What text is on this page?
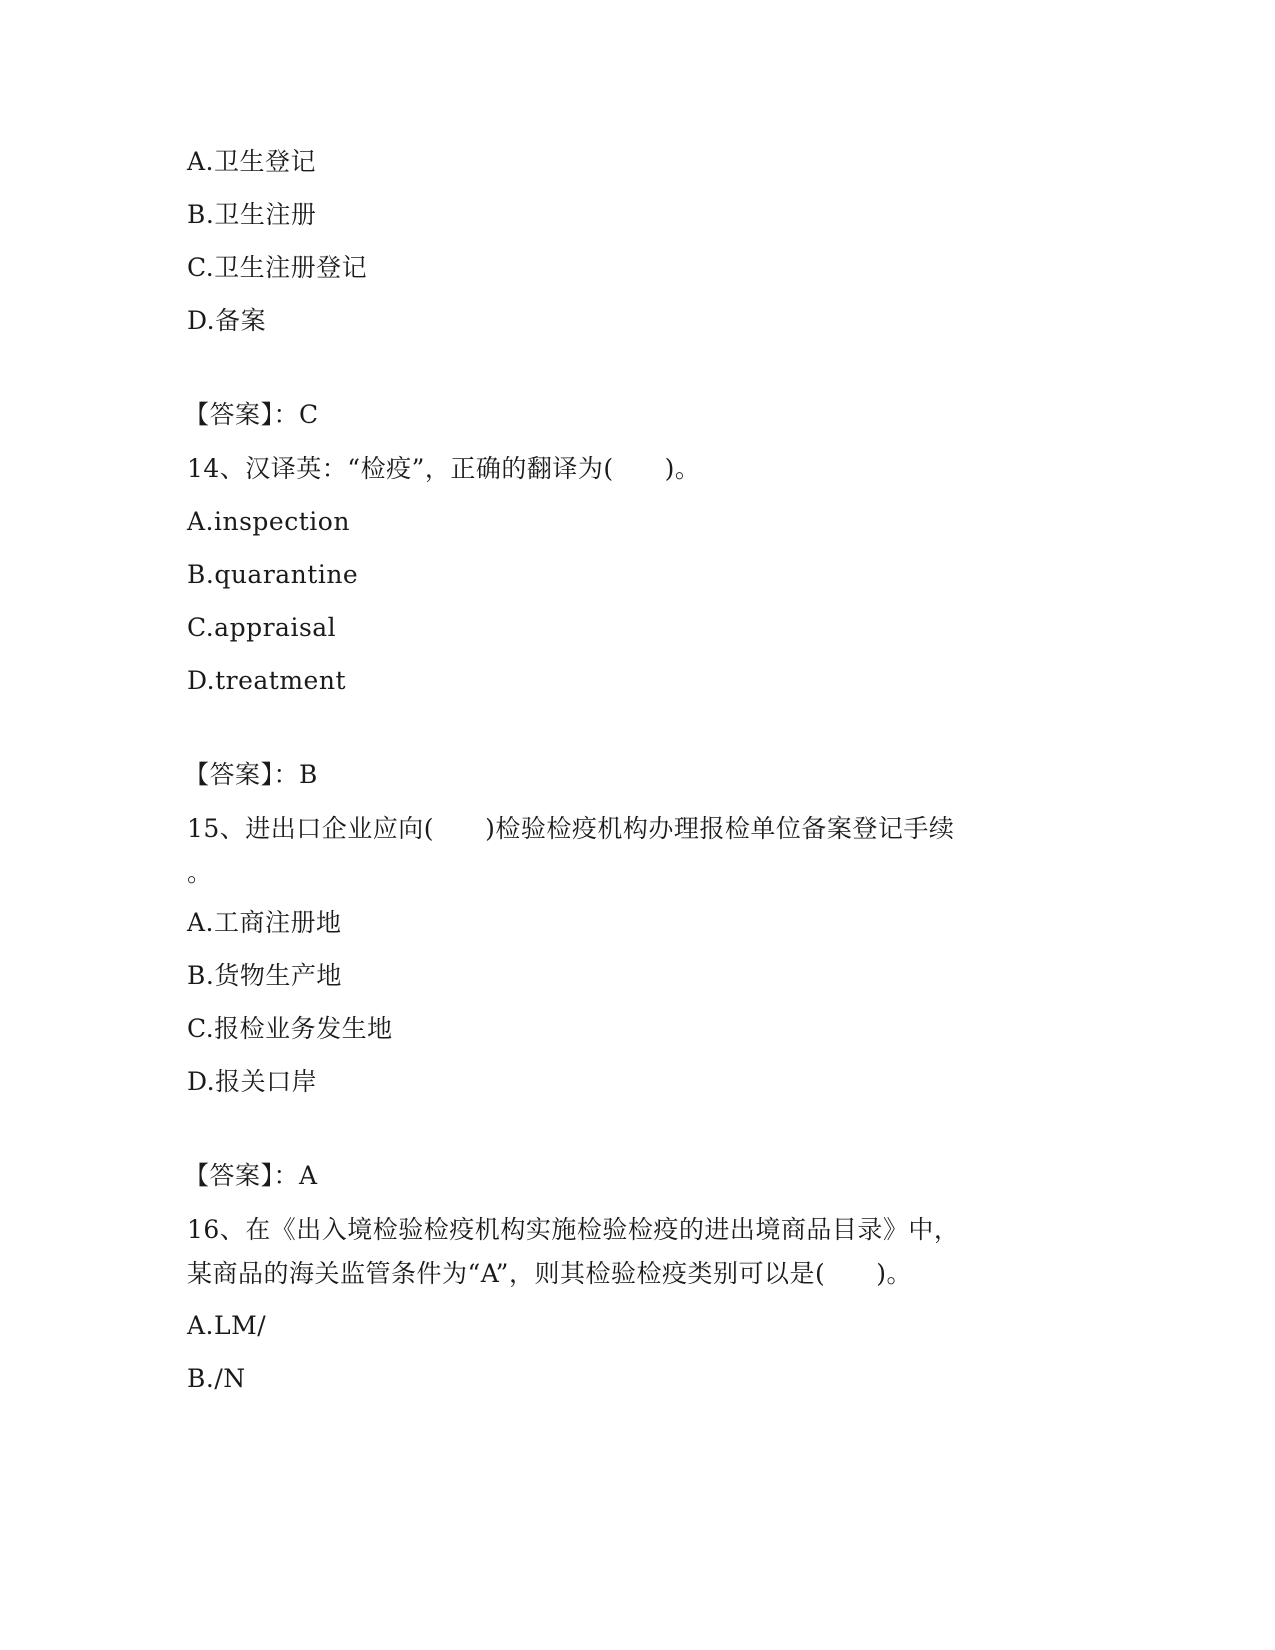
A.卫生登记
B.卫生注册
C.卫生注册登记
D.备案
【答案】：C
14、汉译英：“检疫”，正确的翻译为(　　)。
A.inspection
B.quarantine
C.appraisal
D.treatment
【答案】：B
15、进出口企业应向(　　)检验检疫机构办理报检单位备案登记手续
。
A.工商注册地
B.货物生产地
C.报检业务发生地
D.报关口岸
【答案】：A
16、在《出入境检验检疫机构实施检验检疫的进出境商品目录》中，
某商品的海关监管条件为“A”，则其检验检疫类别可以是(　　)。
A.LM/
B./N
